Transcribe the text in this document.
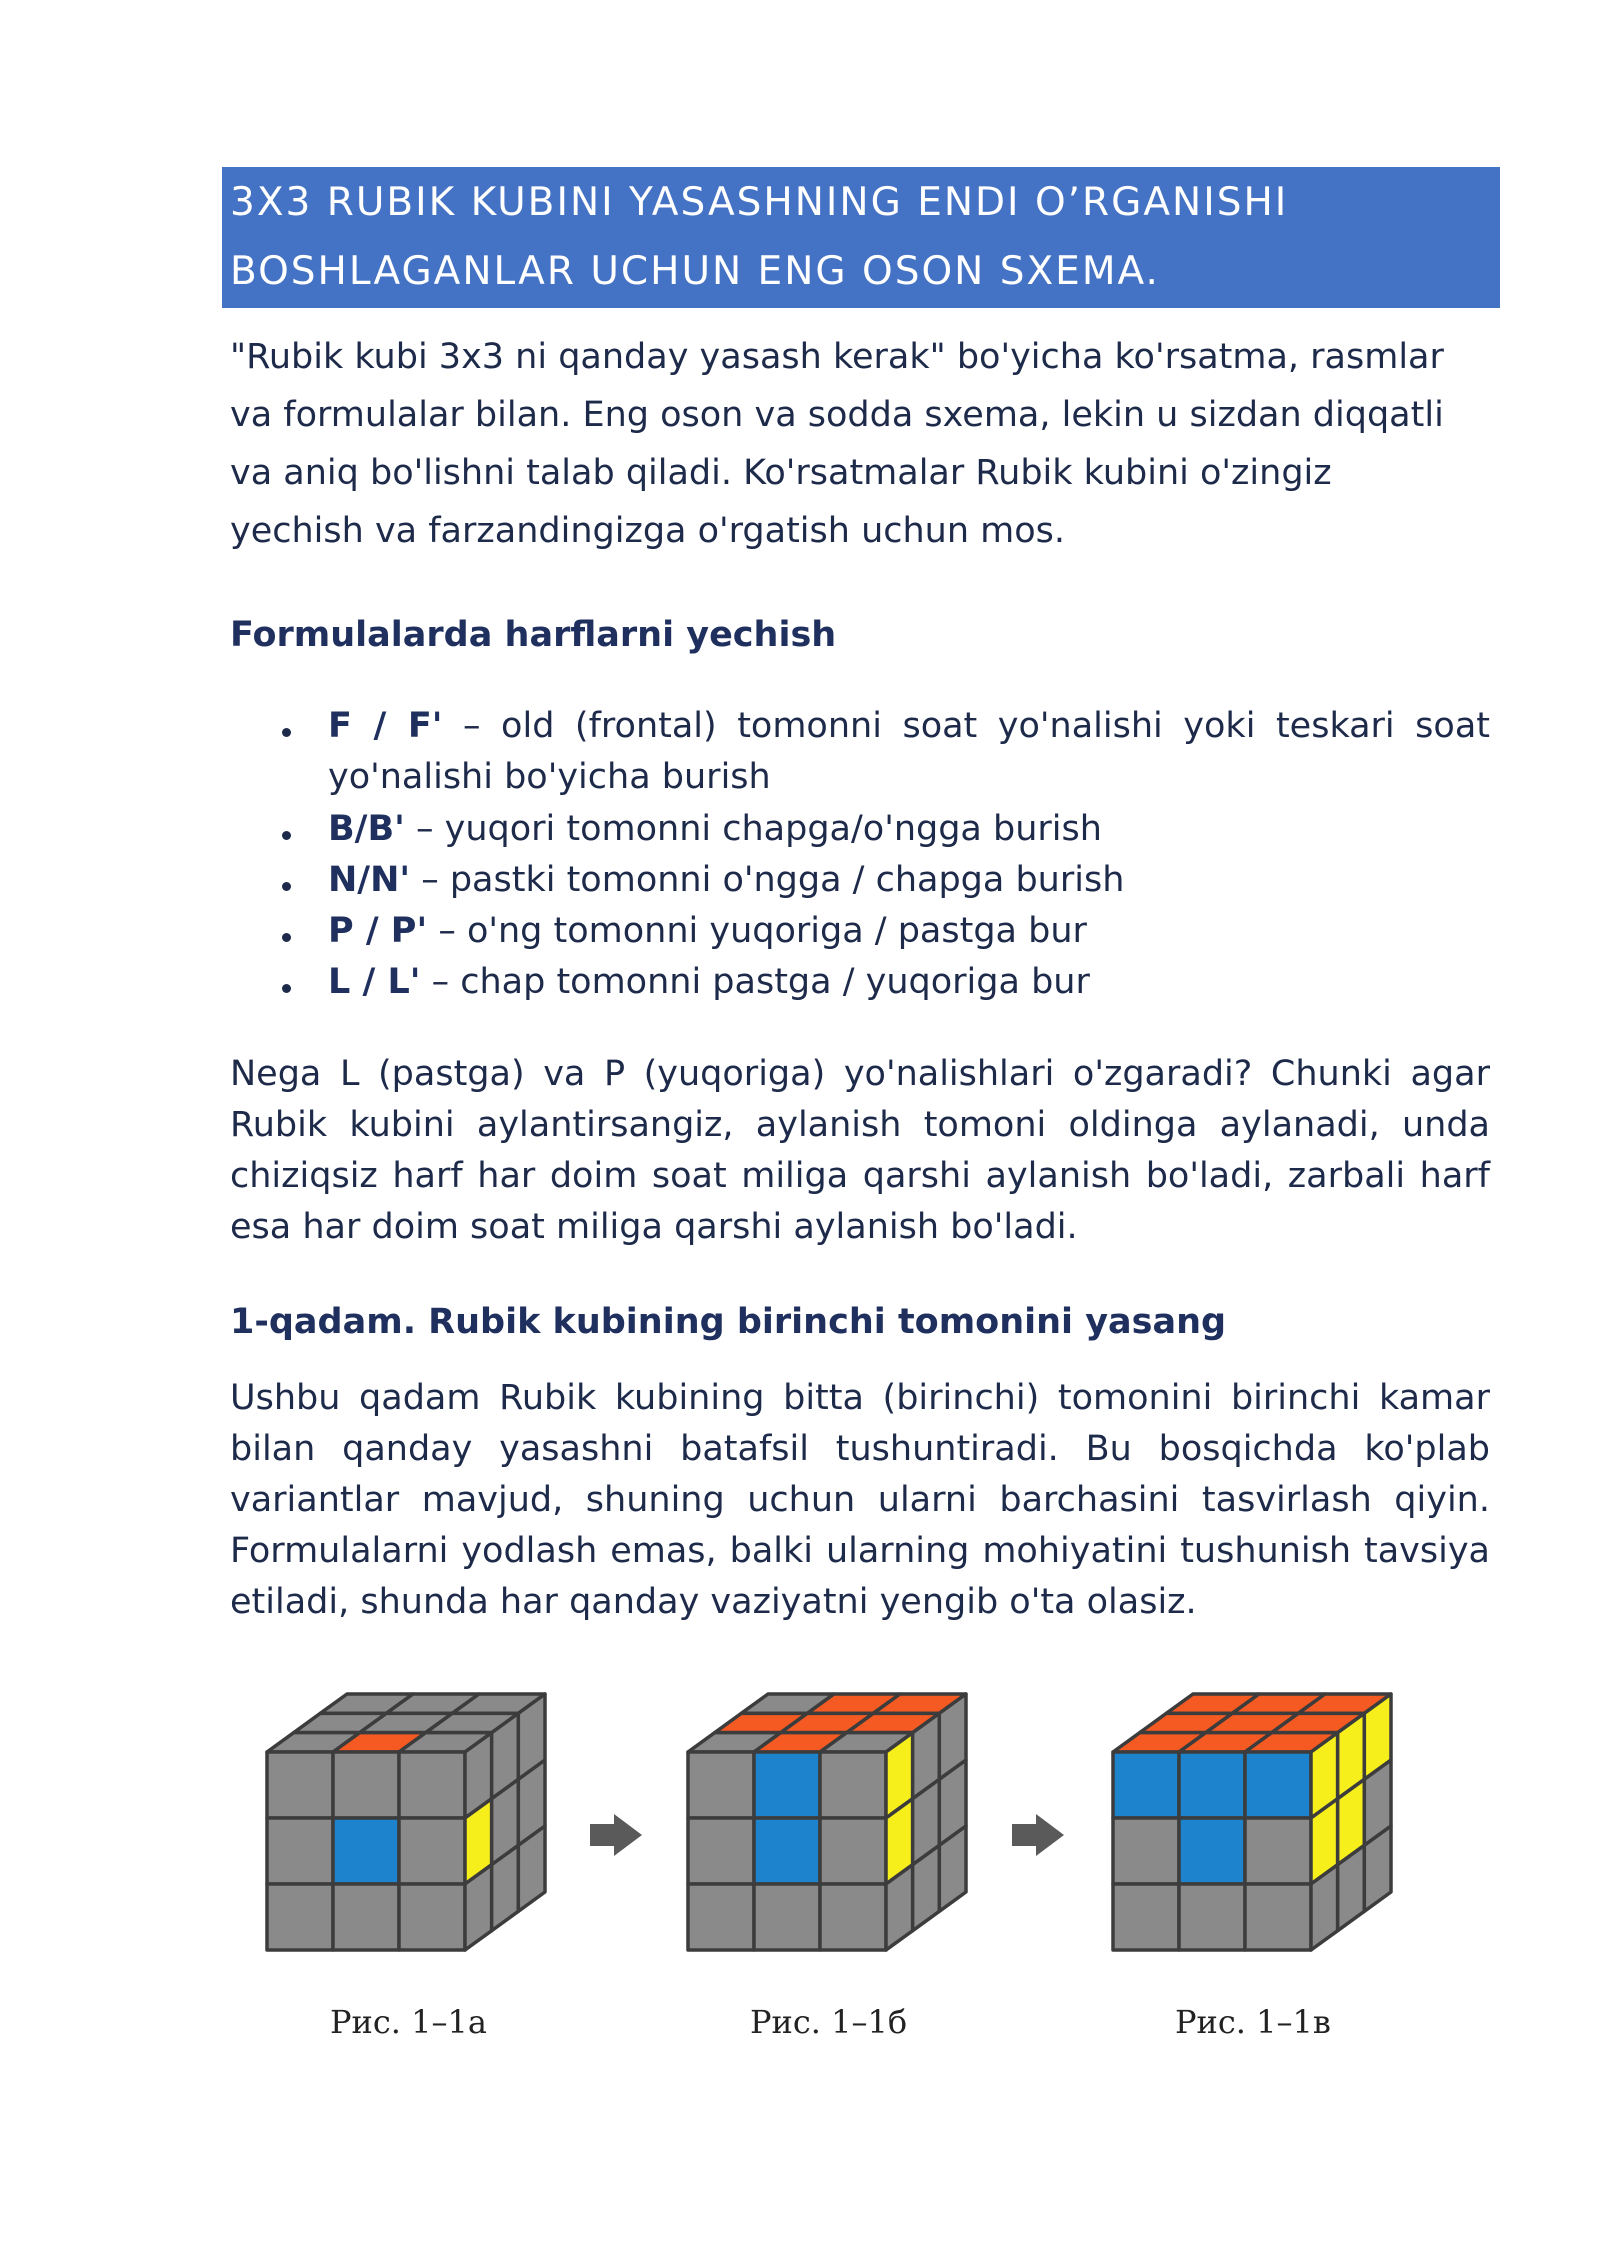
3X3 RUBIK KUBINI YASASHNING ENDI O’RGANISHI
BOSHLAGANLAR UCHUN ENG OSON SXEMA.
"Rubik kubi 3x3 ni qanday yasash kerak" bo'yicha ko'rsatma, rasmlar
va formulalar bilan. Eng oson va sodda sxema, lekin u sizdan diqqatli
va aniq bo'lishni talab qiladi. Ko'rsatmalar Rubik kubini o'zingiz
yechish va farzandingizga o'rgatish uchun mos.
Formulalarda harflarni yechish
F / F' – old (frontal) tomonni soat yo'nalishi yoki teskari soat
yo'nalishi bo'yicha burish
B/B' – yuqori tomonni chapga/o'ngga burish
N/N' – pastki tomonni o'ngga / chapga burish
P / P' – o'ng tomonni yuqoriga / pastga bur
L / L' – chap tomonni pastga / yuqoriga bur
Nega L (pastga) va P (yuqoriga) yo'nalishlari o'zgaradi? Chunki agar
Rubik kubini aylantirsangiz, aylanish tomoni oldinga aylanadi, unda
chiziqsiz harf har doim soat miliga qarshi aylanish bo'ladi, zarbali harf
esa har doim soat miliga qarshi aylanish bo'ladi.
1-qadam. Rubik kubining birinchi tomonini yasang
Ushbu qadam Rubik kubining bitta (birinchi) tomonini birinchi kamar
bilan qanday yasashni batafsil tushuntiradi. Bu bosqichda ko'plab
variantlar mavjud, shuning uchun ularni barchasini tasvirlash qiyin.
Formulalarni yodlash emas, balki ularning mohiyatini tushunish tavsiya
etiladi, shunda har qanday vaziyatni yengib o'ta olasiz.
Рис. 1–1а	Рис. 1–1б	Рис. 1–1в
